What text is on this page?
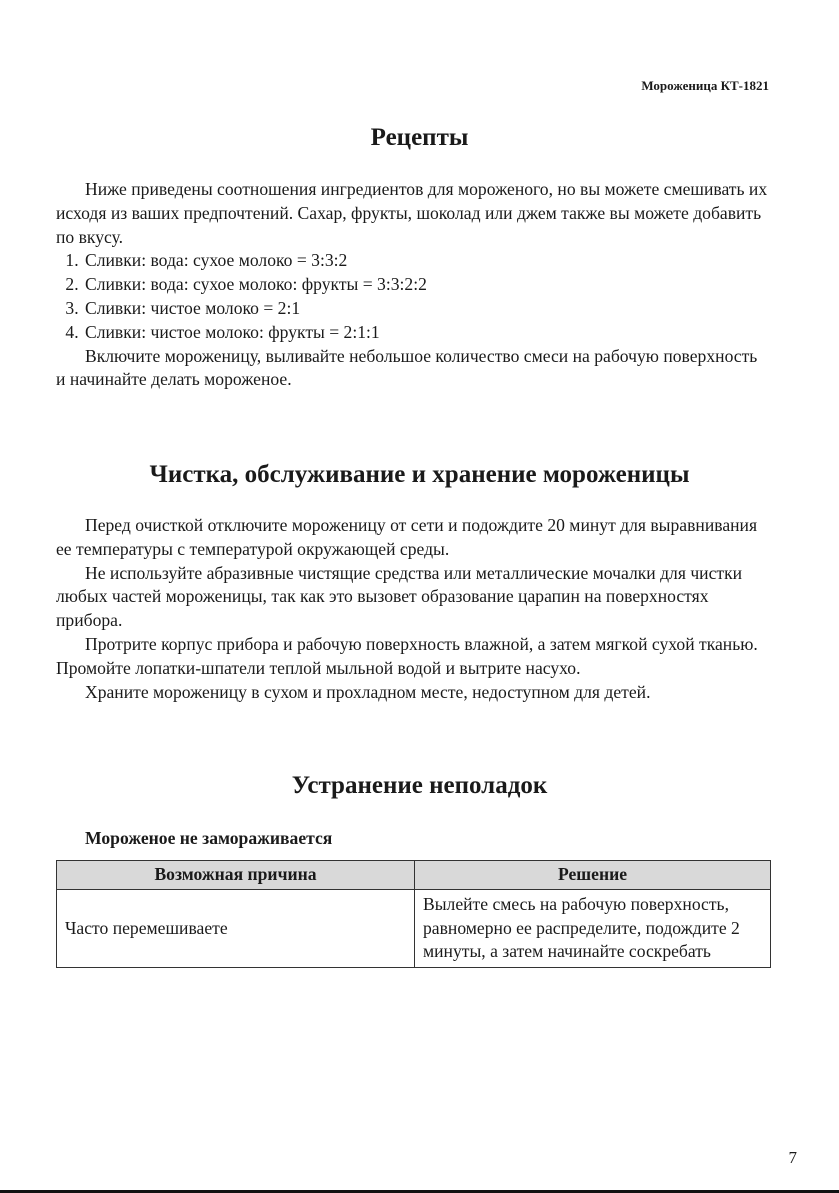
Мороженица КТ-1821
Рецепты

Ниже приведены соотношения ингредиентов для мороженого, но вы можете смешивать их исходя из ваших предпочтений. Сахар, фрукты, шоколад или джем также вы можете добавить по вкусу.

1. Сливки: вода: сухое молоко = 3:3:2
2. Сливки: вода: сухое молоко: фрукты = 3:3:2:2
3. Сливки: чистое молоко = 2:1
4. Сливки: чистое молоко: фрукты = 2:1:1

Включите мороженицу, выливайте небольшое количество смеси на рабочую поверхность и начинайте делать мороженое.

Чистка, обслуживание и хранение мороженицы

Перед очисткой отключите мороженицу от сети и подождите 20 минут для выравнивания ее температуры с температурой окружающей среды.

Не используйте абразивные чистящие средства или металлические мочалки для чистки любых частей мороженицы, так как это вызовет образование царапин на поверхностях прибора.

Протрите корпус прибора и рабочую поверхность влажной, а затем мягкой сухой тканью. Промойте лопатки-шпатели теплой мыльной водой и вытрите насухо.

Храните мороженицу в сухом и прохладном месте, недоступном для детей.

Устранение неполадок
Мороженое не замораживается
Возможная причина	Решение
Часто перемешиваете	Вылейте смесь на рабочую поверхность, равномерно ее распределите, подождите 2 минуты, а затем начинайте соскребать
7
